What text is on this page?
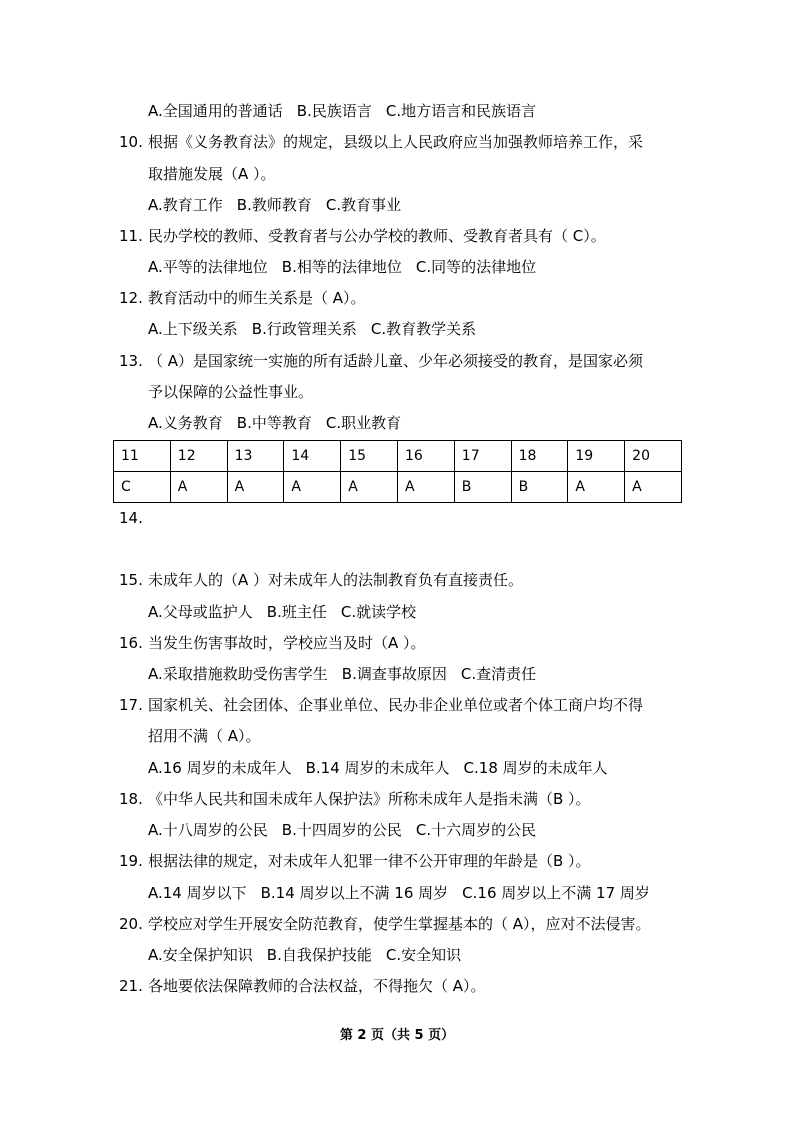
A.全国通用的普通话 B.民族语言 C.地方语言和民族语言
10. 根据《义务教育法》的规定，县级以上人民政府应当加强教师培养工作，采
取措施发展（A ）。
A.教育工作 B.教师教育 C.教育事业
11. 民办学校的教师、受教育者与公办学校的教师、受教育者具有（ C）。
A.平等的法律地位 B.相等的法律地位 C.同等的法律地位
12. 教育活动中的师生关系是（ A）。
A.上下级关系 B.行政管理关系 C.教育教学关系
13. （ A）是国家统一实施的所有适龄儿童、少年必须接受的教育，是国家必须
予以保障的公益性事业。
A.义务教育 B.中等教育 C.职业教育
14.
15. 未成年人的（A ）对未成年人的法制教育负有直接责任。
A.父母或监护人 B.班主任 C.就读学校
16. 当发生伤害事故时，学校应当及时（A ）。
A.采取措施救助受伤害学生 B.调查事故原因 C.查清责任
17. 国家机关、社会团体、企事业单位、民办非企业单位或者个体工商户均不得
招用不满（ A）。
A.16 周岁的未成年人 B.14 周岁的未成年人 C.18 周岁的未成年人
18. 《中华人民共和国未成年人保护法》所称未成年人是指未满（B ）。
A.十八周岁的公民 B.十四周岁的公民 C.十六周岁的公民
19. 根据法律的规定，对未成年人犯罪一律不公开审理的年龄是（B ）。
A.14 周岁以下 B.14 周岁以上不满 16 周岁 C.16 周岁以上不满 17 周岁
20. 学校应对学生开展安全防范教育，使学生掌握基本的（ A），应对不法侵害。
A.安全保护知识 B.自我保护技能 C.安全知识
21. 各地要依法保障教师的合法权益，不得拖欠（ A）。
11	12	13	14	15	16	17	18	19	20
C	A	A	A	A	A	B	B	A	A
第 2 页（共 5 页）
